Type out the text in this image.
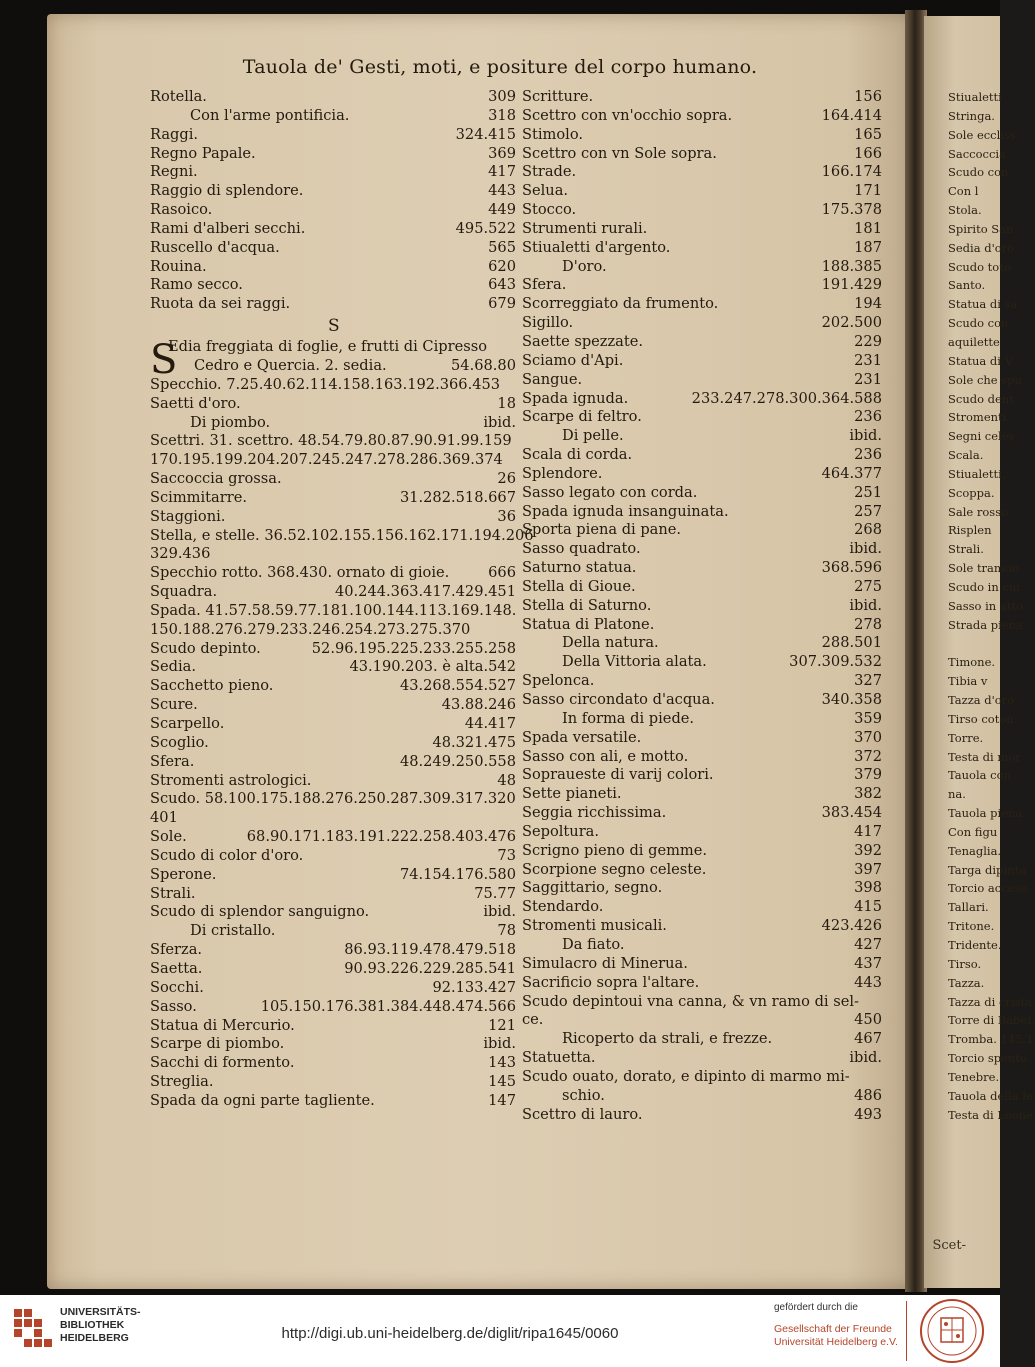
Tauola de' Gesti, moti, e positure del corpo humano.
Rotella.	309
Con l'arme pontificia.	318
Raggi.	324.415
Regno Papale.	369
Regni.	417
Raggio di splendore.	443
Rasoico.	449
Rami d'alberi secchi.	495.522
Ruscello d'acqua.	565
Rouina.	620
Ramo secco.	643
Ruota da sei raggi.	679
S
S
Edia freggiata di foglie, e frutti di Cipresso
Cedro e Quercia. 2. sedia.	54.68.80
Specchio. 7.25.40.62.114.158.163.192.366.453
Saetti d'oro.	18
Di piombo.	ibid.
Scettri. 31. scettro. 48.54.79.80.87.90.91.99.159
170.195.199.204.207.245.247.278.286.369.374
Saccoccia grossa.	26
Scimmitarre.	31.282.518.667
Staggioni.	36
Stella, e stelle. 36.52.102.155.156.162.171.194.206
329.436
Specchio rotto. 368.430. ornato di gioie.	666
Squadra.	40.244.363.417.429.451
Spada. 41.57.58.59.77.181.100.144.113.169.148.
150.188.276.279.233.246.254.273.275.370
Scudo depinto.	52.96.195.225.233.255.258
Sedia.	43.190.203. è alta.542
Sacchetto pieno.	43.268.554.527
Scure.	43.88.246
Scarpello.	44.417
Scoglio.	48.321.475
Sfera.	48.249.250.558
Stromenti astrologici.	48
Scudo. 58.100.175.188.276.250.287.309.317.320
401
Sole.	68.90.171.183.191.222.258.403.476
Scudo di color d'oro.	73
Sperone.	74.154.176.580
Strali.	75.77
Scudo di splendor sanguigno.	ibid.
Di cristallo.	78
Sferza.	86.93.119.478.479.518
Saetta.	90.93.226.229.285.541
Socchi.	92.133.427
Sasso.	105.150.176.381.384.448.474.566
Statua di Mercurio.	121
Scarpe di piombo.	ibid.
Sacchi di formento.	143
Streglia.	145
Spada da ogni parte tagliente.	147
Scritture.	156
Scettro con vn'occhio sopra.	164.414
Stimolo.	165
Scettro con vn Sole sopra.	166
Strade.	166.174
Selua.	171
Stocco.	175.378
Strumenti rurali.	181
Stiualetti d'argento.	187
D'oro.	188.385
Sfera.	191.429
Scorreggiato da frumento.	194
Sigillo.	202.500
Saette spezzate.	229
Sciamo d'Api.	231
Sangue.	231
Spada ignuda.	233.247.278.300.364.588
Scarpe di feltro.	236
Di pelle.	ibid.
Scala di corda.	236
Splendore.	464.377
Sasso legato con corda.	251
Spada ignuda insanguinata.	257
Sporta piena di pane.	268
Sasso quadrato.	ibid.
Saturno statua.	368.596
Stella di Gioue.	275
Stella di Saturno.	ibid.
Statua di Platone.	278
Della natura.	288.501
Della Vittoria alata.	307.309.532
Spelonca.	327
Sasso circondato d'acqua.	340.358
In forma di piede.	359
Spada versatile.	370
Sasso con ali, e motto.	372
Sopraueste di varij colori.	379
Sette pianeti.	382
Seggia ricchissima.	383.454
Sepoltura.	417
Scrigno pieno di gemme.	392
Scorpione segno celeste.	397
Saggittario, segno.	398
Stendardo.	415
Stromenti musicali.	423.426
Da fiato.	427
Simulacro di Minerua.	437
Sacrificio sopra l'altare.	443
Scudo depintoui vna canna, & vn ramo di sel-
ce.	450
Ricoperto da strali, e frezze.	467
Statuetta.	ibid.
Scudo ouato, dorato, e dipinto di marmo mi-
schio.	486
Scettro di lauro.	493
Scet-
Stiualetti
Stringa.
Sole eccliss
Saccoccia
Scudo con
Con l
Stola.
Spirito San
Sedia d'oro
Scudo toto
Santo.
Statua di sa
Scudo con
aquilette
Statua di V
Sole che spu
Scudo dent
Stromenti
Segni celes
Scala.
Stiualetti.
Scoppa.
Sale rosso.
Risplen
Strali.
Sole tramon
Scudo in cui
Sasso in atto
Strada piena
Timone.
Tibia v
Tazza d'oro
Tirso coton
Torre.
Testa di mor
Tauola con
na.
Tauola piena
Con figu
Tenaglia.
Targa dipinta
Torcio acceso
Tallari.
Tritone.
Tridente.
Tirso.
Tazza.
Tazza di crista
Torre di Babel.
Tromba. 145.1
Torcio spento.
Tenebre.
Tauola della le
Testa di Leone
UNIVERSITÄTS-
BIBLIOTHEK
HEIDELBERG	http://digi.ub.uni-heidelberg.de/diglit/ripa1645/0060
gefördert durch die
Gesellschaft der Freunde
Universität Heidelberg e.V.
